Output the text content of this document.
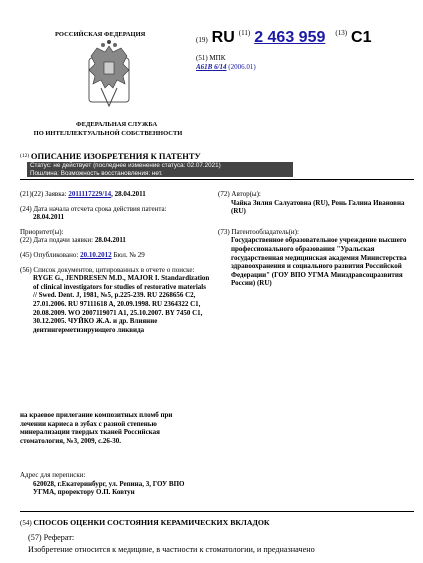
РОССИЙСКАЯ ФЕДЕРАЦИЯ
ФЕДЕРАЛЬНАЯ СЛУЖБА
ПО ИНТЕЛЛЕКТУАЛЬНОЙ СОБСТВЕННОСТИ
(19) RU $^{(11)}$ 2 463 959 $^{(13)}$ C1
(51) МПК
A61B 6/14 (2006.01)
$^{(12)}$ ОПИСАНИЕ ИЗОБРЕТЕНИЯ К ПАТЕНТУ
Статус: не действует (последнее изменение статуса: 02.07.2021)
Пошлина: Возможность восстановления: нет.
(21)(22) Заявка: 2011117229/14, 28.04.2011
(24) Дата начала отсчета срока действия патента:
28.04.2011
Приоритет(ы):
(22) Дата подачи заявки: 28.04.2011
(45) Опубликовано: 20.10.2012 Бюл. № 29
(56) Список документов, цитированных в отчете о поиске:
RYGE G., JENDRESEN M.D., MAJOR I. Standardization of clinical investigators for studies of restorative materials // Swed. Dent. J, 1981, №5, p.225-239. RU 2268656 C2, 27.01.2006. RU 97111618 A, 20.09.1998. RU 2364322 C1, 20.08.2009. WO 2007119071 A1, 25.10.2007. BY 7450 C1, 30.12.2005. ЧУЙКО Ж.А. и др. Влияние дентингерметизирующего ликвида
на краевое прилегание композитных пломб при лечении кариеса в зубах с разной степенью минерализации твердых тканей Российская стоматология, №3, 2009, с.26-30.
Адрес для переписки:
620028, г.Екатеринбург, ул. Репина, 3, ГОУ ВПО УГМА, проректору О.П. Ковтун
(72) Автор(ы):
Чайка Зилия Салуатовна (RU), Ронь Галина Ивановна (RU)
(73) Патентообладатель(и):
Государственное образовательное учреждение высшего профессионального образования "Уральская государственная медицинская академия Министерства здравоохранения и социального развития Российской Федерации" (ГОУ ВПО УГМА Минздравсоцразвития России) (RU)
(54) СПОСОБ ОЦЕНКИ СОСТОЯНИЯ КЕРАМИЧЕСКИХ ВКЛАДОК
(57) Реферат:
Изобретение относится к медицине, в частности к стоматологии, и предназначено
